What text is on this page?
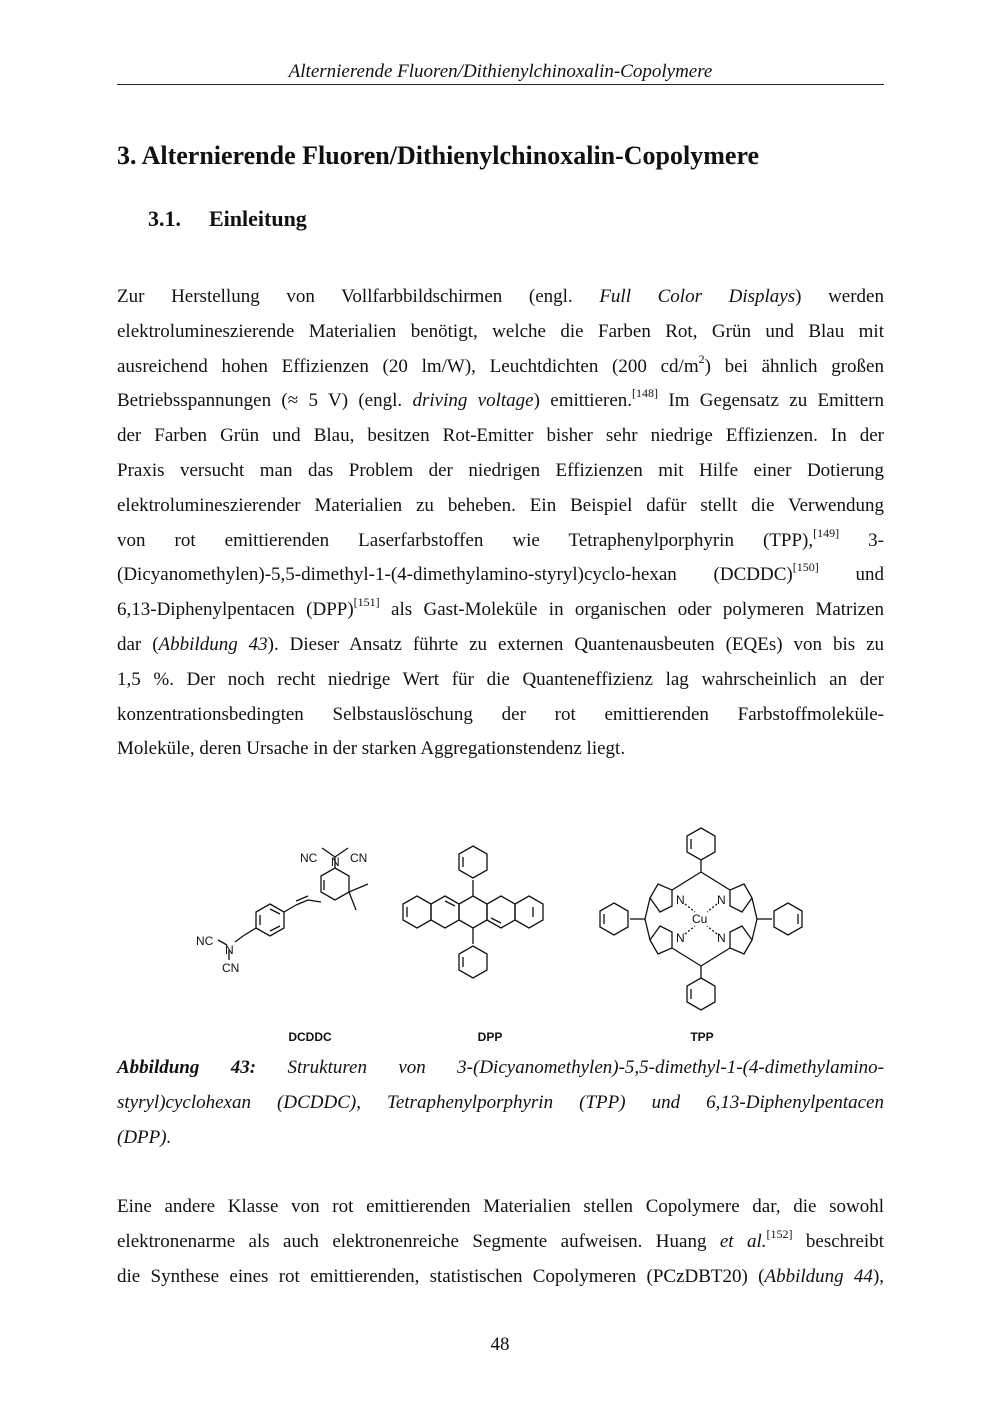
Alternierende Fluoren/Dithienylchinoxalin-Copolymere
3. Alternierende Fluoren/Dithienylchinoxalin-Copolymere
3.1. Einleitung
Zur Herstellung von Vollfarbbildschirmen (engl. Full Color Displays) werden
elektrolumineszierende Materialien benötigt, welche die Farben Rot, Grün und Blau mit
ausreichend hohen Effizienzen (20 lm/W), Leuchtdichten (200 $cd/m^2$) bei ähnlich großen
Betriebsspannungen (≈ 5 V) (engl. driving voltage) emittieren.[148] Im Gegensatz zu Emittern
der Farben Grün und Blau, besitzen Rot-Emitter bisher sehr niedrige Effizienzen. In der
Praxis versucht man das Problem der niedrigen Effizienzen mit Hilfe einer Dotierung
elektrolumineszierender Materialien zu beheben. Ein Beispiel dafür stellt die Verwendung
von rot emittierenden Laserfarbstoffen wie Tetraphenylporphyrin (TPP),[149] 3-
(Dicyanomethylen)-5,5-dimethyl-1-(4-dimethylamino-styryl)cyclo-hexan (DCDDC)[150] und
6,13-Diphenylpentacen (DPP)[151] als Gast-Moleküle in organischen oder polymeren Matrizen
dar (Abbildung 43). Dieser Ansatz führte zu externen Quantenausbeuten (EQEs) von bis zu
1,5 %. Der noch recht niedrige Wert für die Quanteneffizienz lag wahrscheinlich an der
konzentrationsbedingten Selbstauslöschung der rot emittierenden Farbstoffmoleküle-
Moleküle, deren Ursache in der starken Aggregationstendenz liegt.
NC N CN
NC
N
CN
N	N
N	N
Cu
DCDDC	DPP	TPP
Abbildung 43: Strukturen von 3-(Dicyanomethylen)-5,5-dimethyl-1-(4-dimethylamino-
styryl)cyclohexan (DCDDC), Tetraphenylporphyrin (TPP) und 6,13-Diphenylpentacen
(DPP).
Eine andere Klasse von rot emittierenden Materialien stellen Copolymere dar, die sowohl
elektronenarme als auch elektronenreiche Segmente aufweisen. Huang et al.[152] beschreibt
die Synthese eines rot emittierenden, statistischen Copolymeren (PCzDBT20) (Abbildung 44),
48
